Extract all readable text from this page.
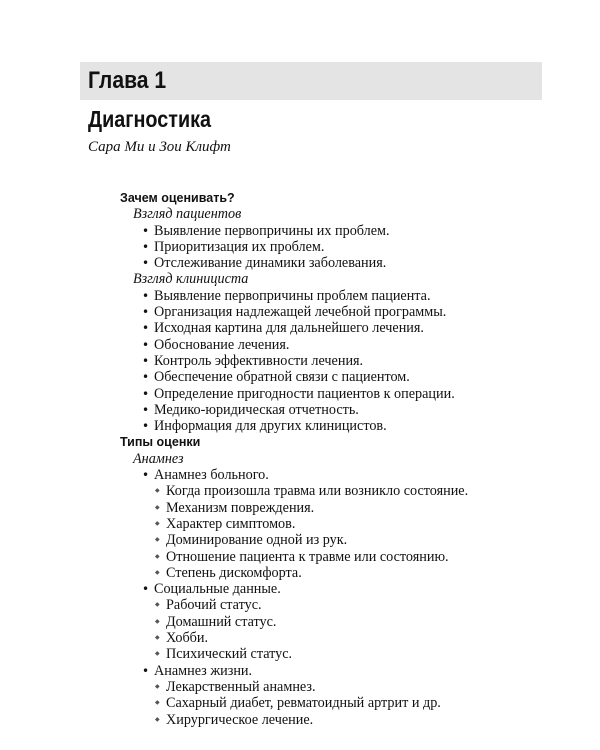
Глава 1
Диагностика
Сара Ми и Зои Клифт
Зачем оценивать?
Взгляд пациентов
• Выявление первопричины их проблем.
• Приоритизация их проблем.
• Отслеживание динамики заболевания.
Взгляд клинициста
• Выявление первопричины проблем пациента.
• Организация надлежащей лечебной программы.
• Исходная картина для дальнейшего лечения.
• Обоснование лечения.
• Контроль эффективности лечения.
• Обеспечение обратной связи с пациентом.
• Определение пригодности пациентов к операции.
• Медико-юридическая отчетность.
• Информация для других клиницистов.
Типы оценки
Анамнез
• Анамнез больного.
◆ Когда произошла травма или возникло состояние.
◆ Механизм повреждения.
◆ Характер симптомов.
◆ Доминирование одной из рук.
◆ Отношение пациента к травме или состоянию.
◆ Степень дискомфорта.
• Социальные данные.
◆ Рабочий статус.
◆ Домашний статус.
◆ Хобби.
◆ Психический статус.
• Анамнез жизни.
◆ Лекарственный анамнез.
◆ Сахарный диабет, ревматоидный артрит и др.
◆ Хирургическое лечение.
